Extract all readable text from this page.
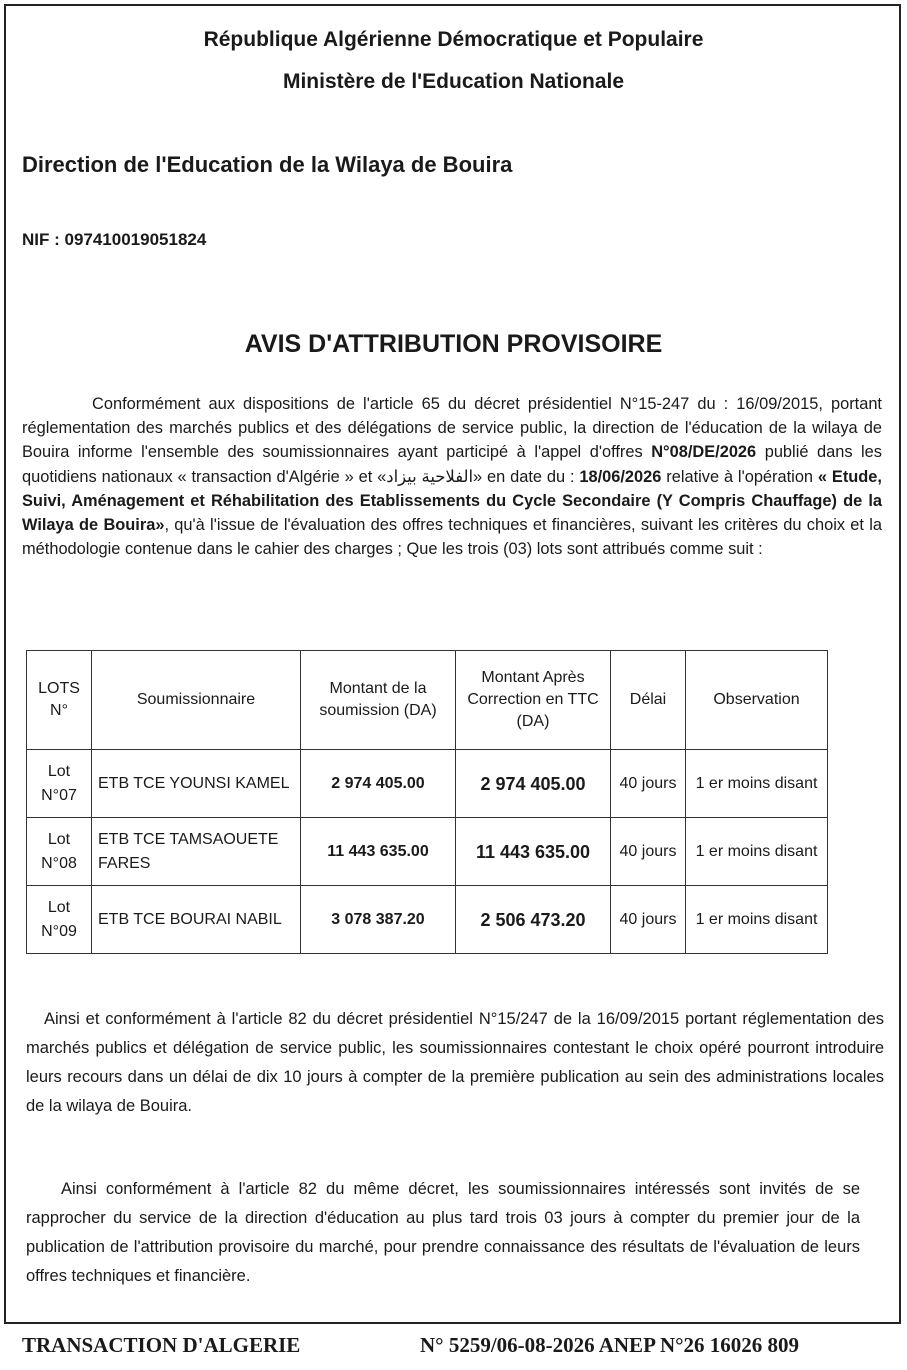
République Algérienne Démocratique et Populaire
Ministère de l'Education Nationale
Direction de l'Education de la Wilaya de Bouira
NIF : 097410019051824
AVIS D'ATTRIBUTION PROVISOIRE

Conformément aux dispositions de l'article 65 du décret présidentiel N°15-247 du : 16/09/2015, portant réglementation des marchés publics et des délégations de service public, la direction de l'éducation de la wilaya de Bouira informe l'ensemble des soumissionnaires ayant participé à l'appel d'offres N°08/DE/2026 publié dans les quotidiens nationaux « transaction d'Algérie » et «الفلاحية بيزاد» en date du : 18/06/2026 relative à l'opération « Etude, Suivi, Aménagement et Réhabilitation des Etablissements du Cycle Secondaire (Y Compris Chauffage) de la Wilaya de Bouira», qu'à l'issue de l'évaluation des offres techniques et financières, suivant les critères du choix et la méthodologie contenue dans le cahier des charges ; Que les trois (03) lots sont attribués comme suit :

LOTS N°	Soumissionnaire	Montant de la soumission (DA)	Montant Après Correction en TTC (DA)	Délai	Observation
Lot N°07	ETB TCE YOUNSI KAMEL	2 974 405.00	2 974 405.00	40 jours	1 er moins disant
Lot N°08	ETB TCE TAMSAOUETE FARES	11 443 635.00	11 443 635.00	40 jours	1 er moins disant
Lot N°09	ETB TCE BOURAI NABIL	3 078 387.20	2 506 473.20	40 jours	1 er moins disant

Ainsi et conformément à l'article 82 du décret présidentiel N°15/247 de la 16/09/2015 portant réglementation des marchés publics et délégation de service public, les soumissionnaires contestant le choix opéré pourront introduire leurs recours dans un délai de dix 10 jours à compter de la première publication au sein des administrations locales de la wilaya de Bouira.

Ainsi conformément à l'article 82 du même décret, les soumissionnaires intéressés sont invités de se rapprocher du service de la direction d'éducation au plus tard trois 03 jours à compter du premier jour de la publication de l'attribution provisoire du marché, pour prendre connaissance des résultats de l'évaluation de leurs offres techniques et financière.

TRANSACTION D'ALGERIE	N° 5259/06-08-2026 ANEP N°26 16026 809
